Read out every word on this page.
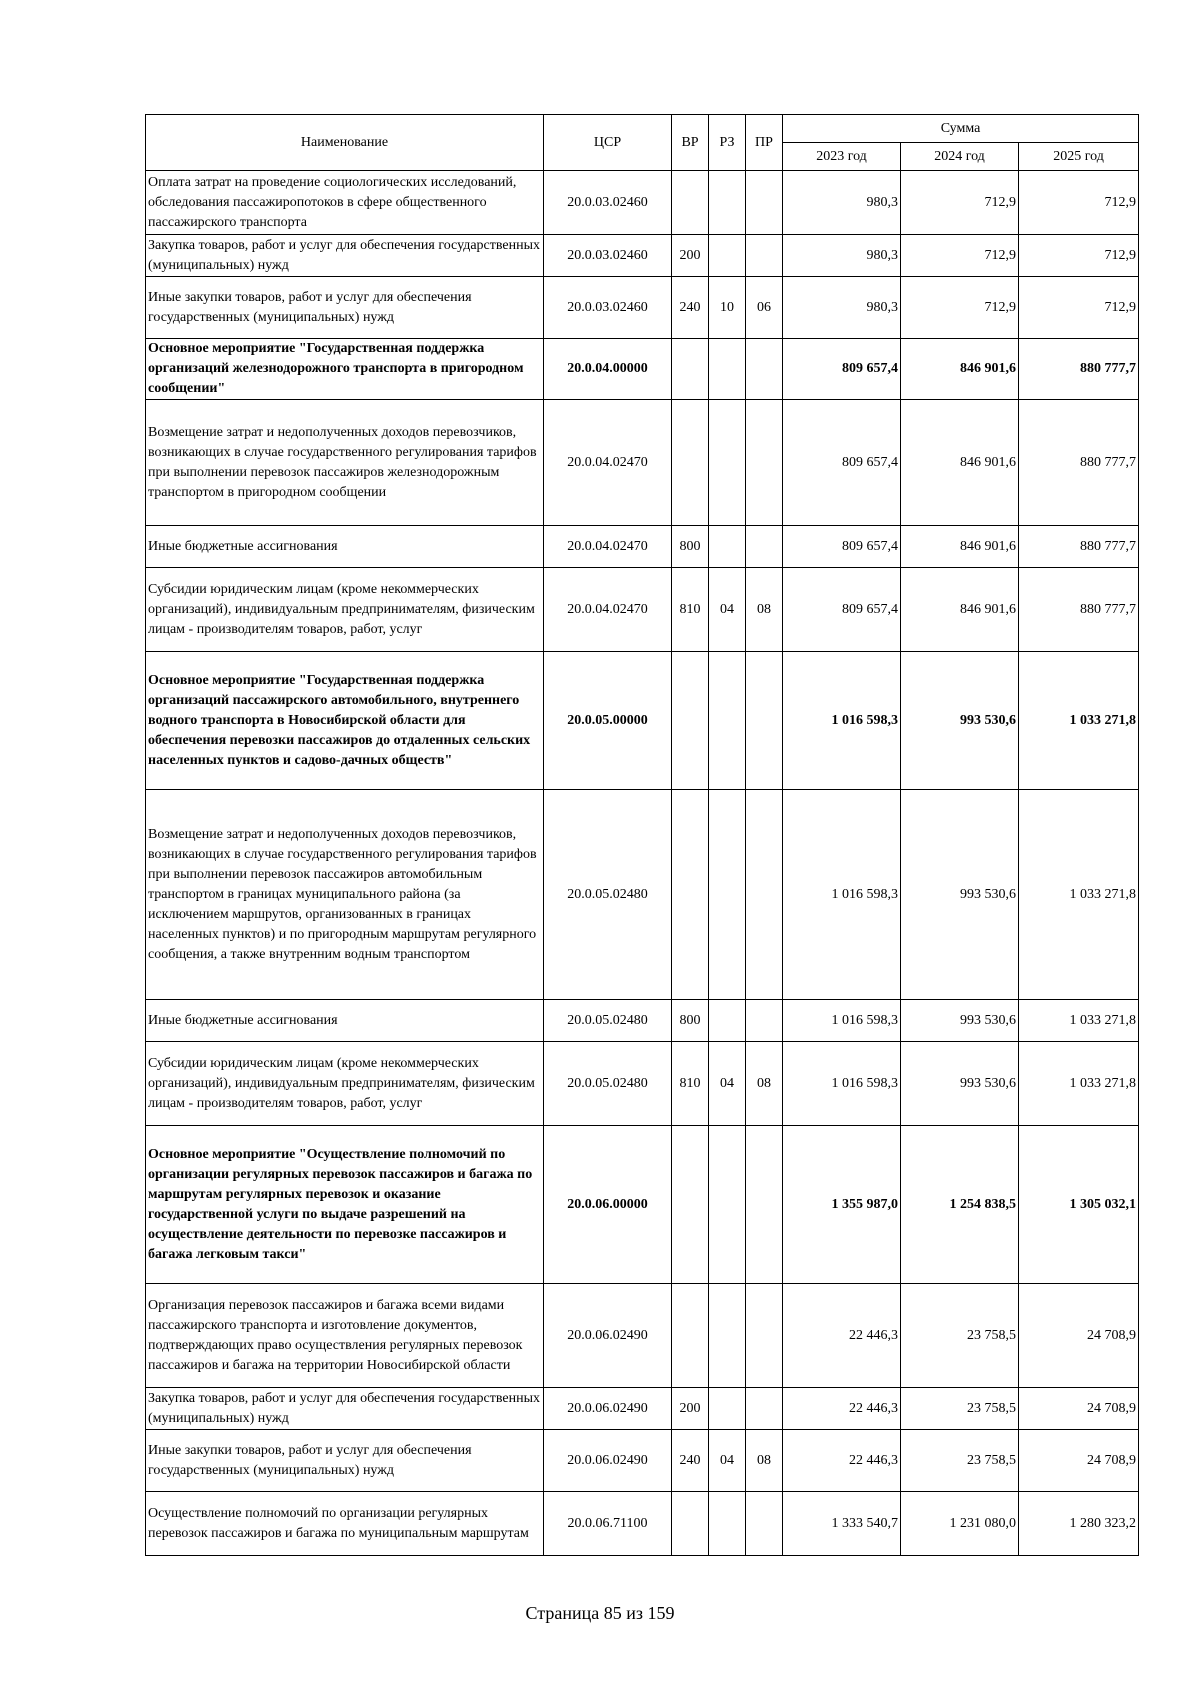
Наименование	ЦСР	ВР	РЗ	ПР	Сумма		
					2023 год	2024 год	2025 год
Оплата затрат на проведение социологических исследований, обследования пассажиропотоков в сфере общественного пассажирского транспорта	20.0.03.02460				980,3	712,9	712,9
Закупка товаров, работ и услуг для обеспечения государственных (муниципальных) нужд	20.0.03.02460	200			980,3	712,9	712,9
Иные закупки товаров, работ и услуг для обеспечения государственных (муниципальных) нужд	20.0.03.02460	240	10	06	980,3	712,9	712,9
Основное мероприятие "Государственная поддержка организаций железнодорожного транспорта в пригородном сообщении"	20.0.04.00000				809 657,4	846 901,6	880 777,7
Возмещение затрат и недополученных доходов перевозчиков, возникающих в случае государственного регулирования тарифов при выполнении перевозок пассажиров железнодорожным транспортом в пригородном сообщении	20.0.04.02470				809 657,4	846 901,6	880 777,7
Иные бюджетные ассигнования	20.0.04.02470	800			809 657,4	846 901,6	880 777,7
Субсидии юридическим лицам (кроме некоммерческих организаций), индивидуальным предпринимателям, физическим лицам - производителям товаров, работ, услуг	20.0.04.02470	810	04	08	809 657,4	846 901,6	880 777,7
Основное мероприятие "Государственная поддержка организаций пассажирского автомобильного, внутреннего водного транспорта в Новосибирской области для обеспечения перевозки пассажиров до отдаленных сельских населенных пунктов и садово-дачных обществ"	20.0.05.00000				1 016 598,3	993 530,6	1 033 271,8
Возмещение затрат и недополученных доходов перевозчиков, возникающих в случае государственного регулирования тарифов при выполнении перевозок пассажиров автомобильным транспортом в границах муниципального района (за исключением маршрутов, организованных в границах населенных пунктов) и по пригородным маршрутам регулярного сообщения, а также внутренним водным транспортом	20.0.05.02480				1 016 598,3	993 530,6	1 033 271,8
Иные бюджетные ассигнования	20.0.05.02480	800			1 016 598,3	993 530,6	1 033 271,8
Субсидии юридическим лицам (кроме некоммерческих организаций), индивидуальным предпринимателям, физическим лицам - производителям товаров, работ, услуг	20.0.05.02480	810	04	08	1 016 598,3	993 530,6	1 033 271,8
Основное мероприятие "Осуществление полномочий по организации регулярных перевозок пассажиров и багажа по маршрутам регулярных перевозок и оказание государственной услуги по выдаче разрешений на осуществление деятельности по перевозке пассажиров и багажа легковым такси"	20.0.06.00000				1 355 987,0	1 254 838,5	1 305 032,1
Организация перевозок пассажиров и багажа всеми видами пассажирского транспорта и изготовление документов, подтверждающих право осуществления регулярных перевозок пассажиров и багажа на территории Новосибирской области	20.0.06.02490				22 446,3	23 758,5	24 708,9
Закупка товаров, работ и услуг для обеспечения государственных (муниципальных) нужд	20.0.06.02490	200			22 446,3	23 758,5	24 708,9
Иные закупки товаров, работ и услуг для обеспечения государственных (муниципальных) нужд	20.0.06.02490	240	04	08	22 446,3	23 758,5	24 708,9
Осуществление полномочий по организации регулярных перевозок пассажиров и багажа по муниципальным маршрутам	20.0.06.71100				1 333 540,7	1 231 080,0	1 280 323,2
Страница 85 из 159
